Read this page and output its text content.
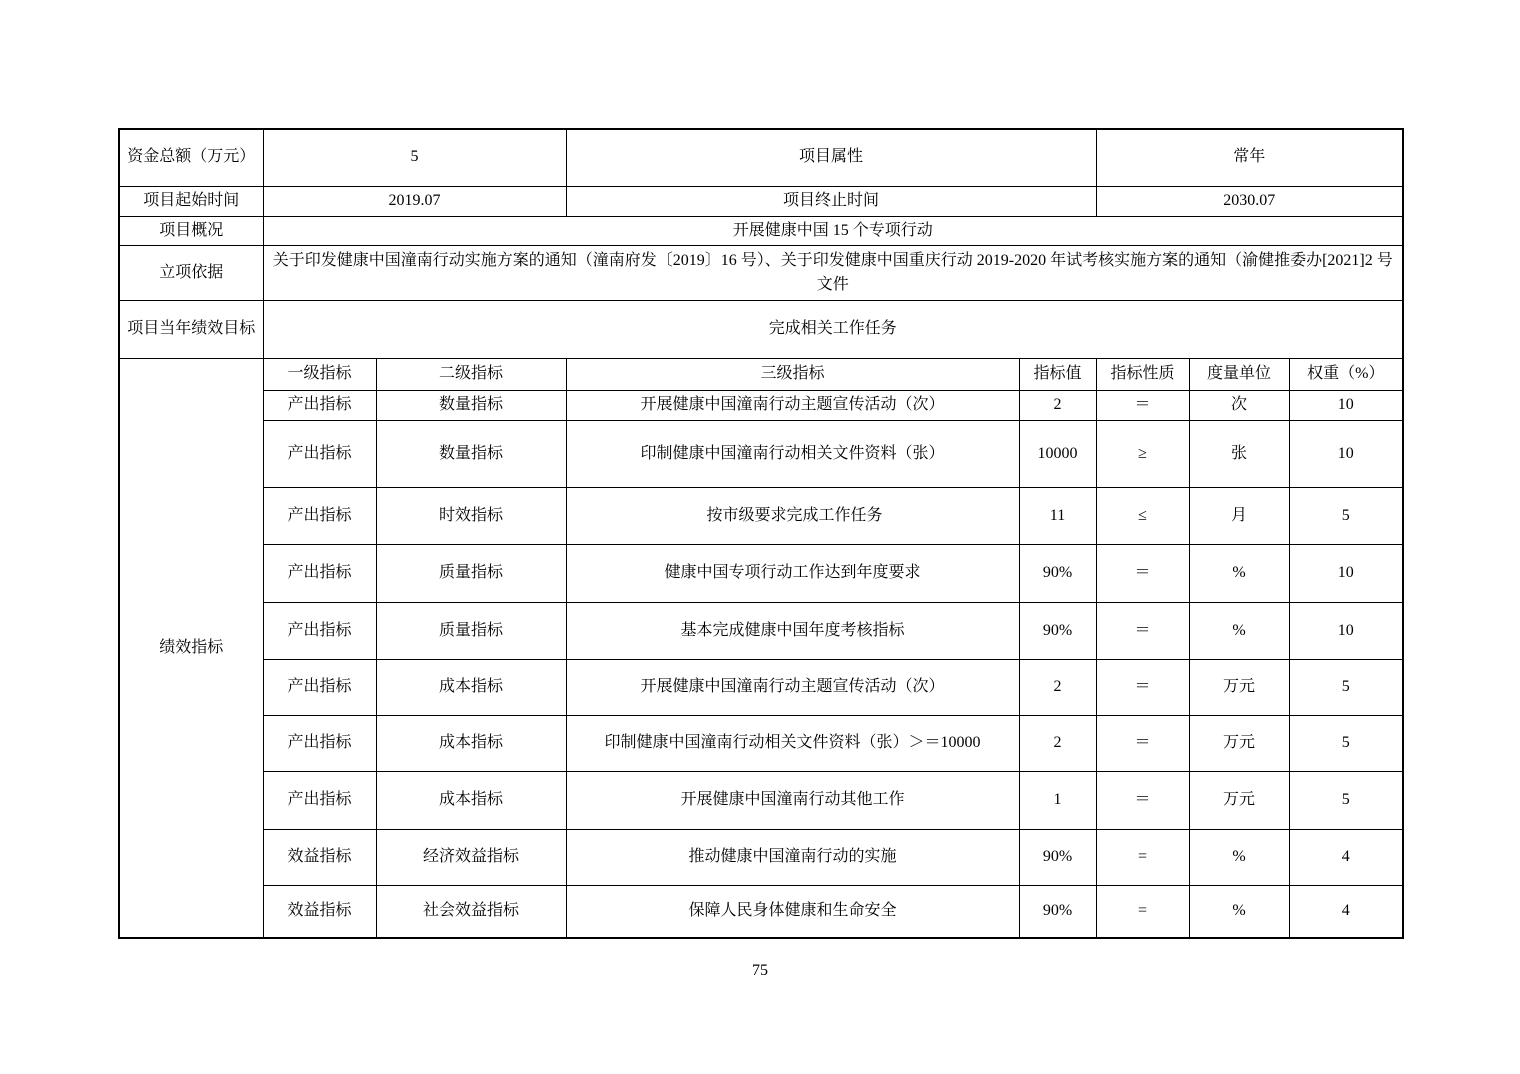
资金总额（万元）	5		项目属性		常年		
项目起始时间	2019.07		项目终止时间		2030.07		
项目概况	开展健康中国 15 个专项行动						
立项依据	关于印发健康中国潼南行动实施方案的通知（潼南府发〔2019〕16 号）、关于印发健康中国重庆行动 2019-2020 年试考核实施方案的通知（渝健推委办[2021]2 号文件						
项目当年绩效目标	完成相关工作任务						
绩效指标	一级指标	二级指标	三级指标	指标值	指标性质	度量单位	权重（%）
	产出指标	数量指标	开展健康中国潼南行动主题宣传活动（次）	2	＝	次	10
	产出指标	数量指标	印制健康中国潼南行动相关文件资料（张）	10000	≥	张	10
	产出指标	时效指标	按市级要求完成工作任务	11	≤	月	5
	产出指标	质量指标	健康中国专项行动工作达到年度要求	90%	＝	%	10
	产出指标	质量指标	基本完成健康中国年度考核指标	90%	＝	%	10
	产出指标	成本指标	开展健康中国潼南行动主题宣传活动（次）	2	＝	万元	5
	产出指标	成本指标	印制健康中国潼南行动相关文件资料（张）＞＝10000	2	＝	万元	5
	产出指标	成本指标	开展健康中国潼南行动其他工作	1	＝	万元	5
	效益指标	经济效益指标	推动健康中国潼南行动的实施	90%	=	%	4
	效益指标	社会效益指标	保障人民身体健康和生命安全	90%	=	%	4
75
